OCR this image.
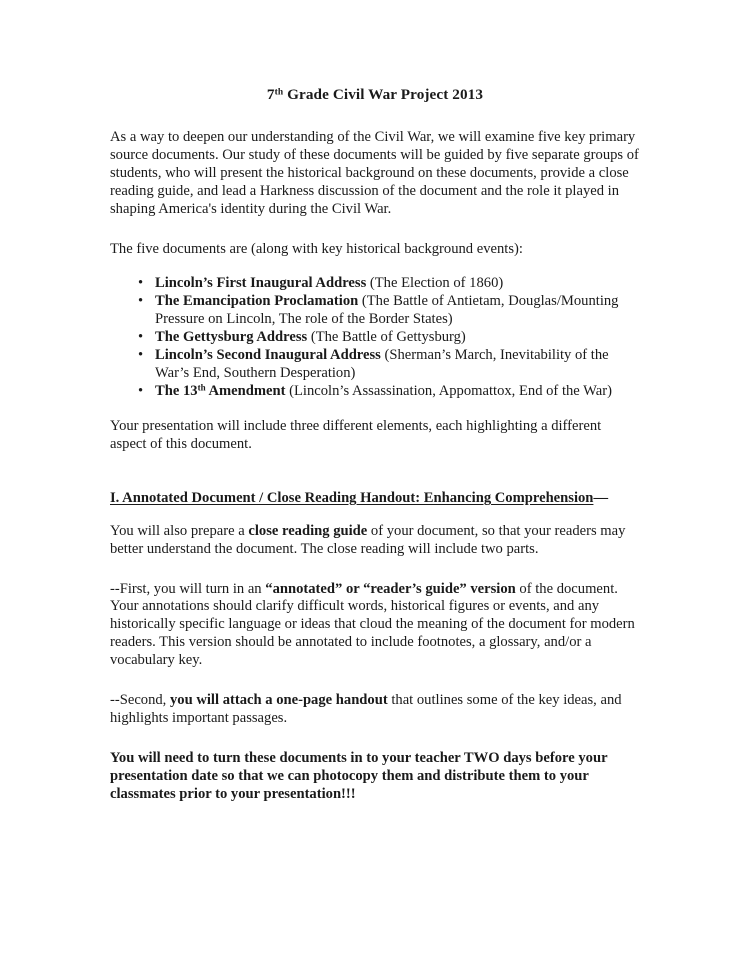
7th Grade Civil War Project 2013

As a way to deepen our understanding of the Civil War, we will examine five key primary source documents. Our study of these documents will be guided by five separate groups of students, who will present the historical background on these documents, provide a close reading guide, and lead a Harkness discussion of the document and the role it played in shaping America's identity during the Civil War.

The five documents are (along with key historical background events):

• Lincoln’s First Inaugural Address (The Election of 1860)
• The Emancipation Proclamation (The Battle of Antietam, Douglas/Mounting Pressure on Lincoln, The role of the Border States)
• The Gettysburg Address (The Battle of Gettysburg)
• Lincoln’s Second Inaugural Address (Sherman’s March, Inevitability of the War’s End, Southern Desperation)
• The 13th Amendment (Lincoln’s Assassination, Appomattox, End of the War)

Your presentation will include three different elements, each highlighting a different aspect of this document.

I. Annotated Document / Close Reading Handout: Enhancing Comprehension—

You will also prepare a close reading guide of your document, so that your readers may better understand the document. The close reading will include two parts.

--First, you will turn in an “annotated” or “reader’s guide” version of the document. Your annotations should clarify difficult words, historical figures or events, and any historically specific language or ideas that cloud the meaning of the document for modern readers. This version should be annotated to include footnotes, a glossary, and/or a vocabulary key.

--Second, you will attach a one-page handout that outlines some of the key ideas, and highlights important passages.

You will need to turn these documents in to your teacher TWO days before your presentation date so that we can photocopy them and distribute them to your classmates prior to your presentation!!!
